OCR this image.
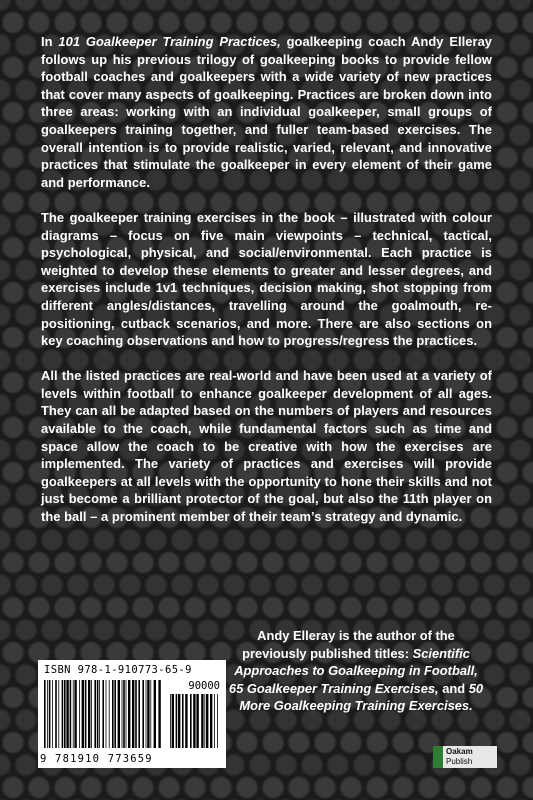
In 101 Goalkeeper Training Practices, goalkeeping coach Andy Elleray follows up his previous trilogy of goalkeeping books to provide fellow football coaches and goalkeepers with a wide variety of new practices that cover many aspects of goalkeeping. Practices are broken down into three areas: working with an individual goalkeeper, small groups of goalkeepers training together, and fuller team-based exercises. The overall intention is to provide realistic, varied, relevant, and innovative practices that stimulate the goalkeeper in every element of their game and performance.

The goalkeeper training exercises in the book – illustrated with colour diagrams – focus on five main viewpoints – technical, tactical, psychological, physical, and social/environmental. Each practice is weighted to develop these elements to greater and lesser degrees, and exercises include 1v1 techniques, decision making, shot stopping from different angles/distances, travelling around the goalmouth, re-positioning, cutback scenarios, and more. There are also sections on key coaching observations and how to progress/regress the practices.

All the listed practices are real-world and have been used at a variety of levels within football to enhance goalkeeper development of all ages. They can all be adapted based on the numbers of players and resources available to the coach, while fundamental factors such as time and space allow the coach to be creative with how the exercises are implemented. The variety of practices and exercises will provide goalkeepers at all levels with the opportunity to hone their skills and not just become a brilliant protector of the goal, but also the 11th player on the ball – a prominent member of their team’s strategy and dynamic.

Andy Elleray is the author of the previously published titles: Scientific Approaches to Goalkeeping in Football, 65 Goalkeeper Training Exercises, and 50 More Goalkeeping Training Exercises.
ISBN 978-1-910773-65-9
90000
9 781910 773659
Oakam
Publish
